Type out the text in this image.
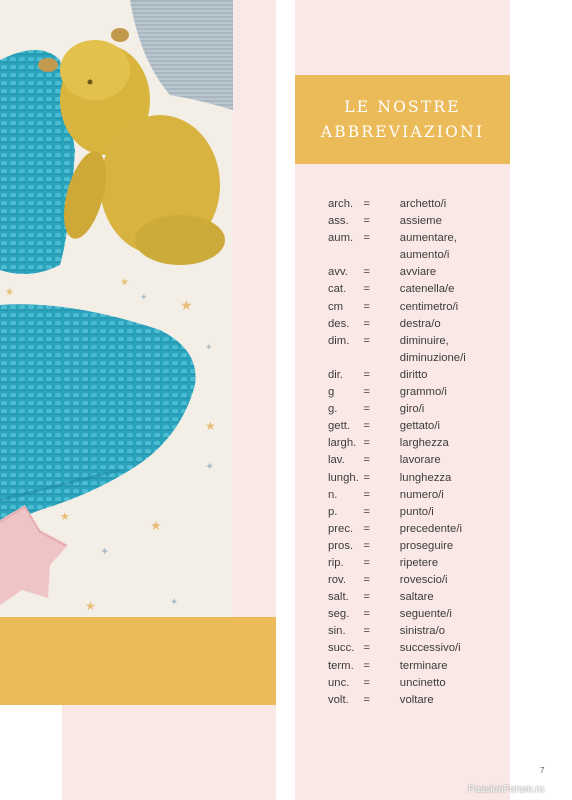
★
★
★
★
★
★
★
✦
✦
✦
✦
✦
LE NOSTRE
ABBREVIAZIONI
arch. =	archetto/i
ass.	=	assieme
aum. =	aumentare,
aumento/i
avv.	=	avviare
cat.	=	catenella/e
cm	=	centimetro/i
des.	=	destra/o
dim.	=	diminuire,
diminuzione/i
dir.	=	diritto
g	=	grammo/i
g.	=	giro/i
gett.	=	gettato/i
largh. =	larghezza
lav.	=	lavorare
lungh. =	lunghezza
n.	=	numero/i
p.	=	punto/i
prec. =	precedente/i
pros. =	proseguire
rip.	=	ripetere
rov.	=	rovescio/i
salt.	=	saltare
seg.	=	seguente/i
sin.	=	sinistra/o
succ. =	successivo/i
term. =	terminare
unc.	=	uncinetto
volt.	=	voltare
7
PassionForum.ru
